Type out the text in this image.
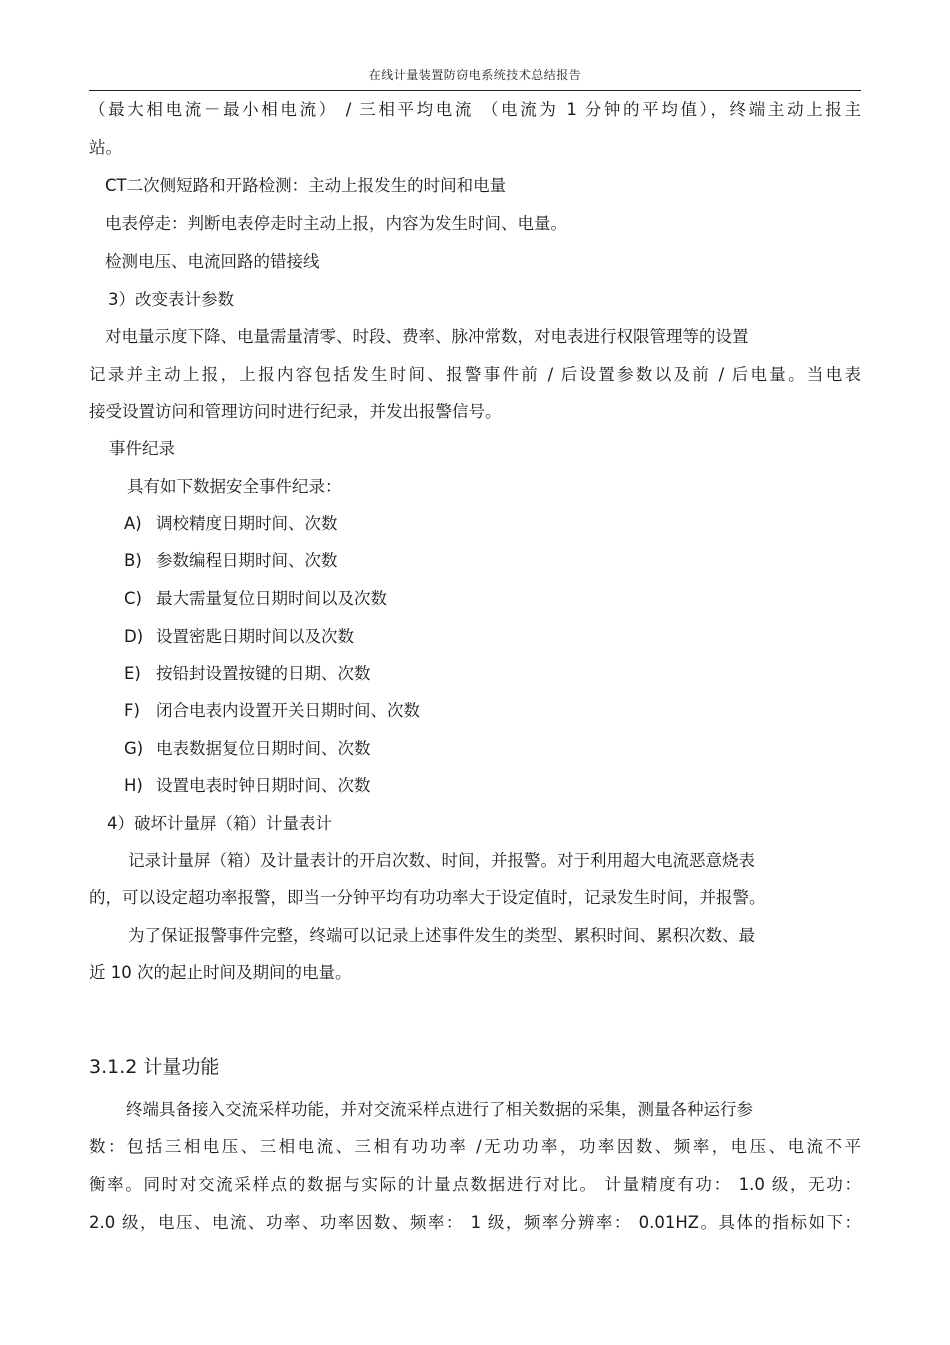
在线计量装置防窃电系统技术总结报告
（最大相电流－最小相电流） / 三相平均电流 （电流为 1 分钟的平均值），终端主动上报主
站。
CT二次侧短路和开路检测：主动上报发生的时间和电量
电表停走：判断电表停走时主动上报，内容为发生时间、电量。
检测电压、电流回路的错接线
3）改变表计参数
对电量示度下降、电量需量清零、时段、费率、脉冲常数，对电表进行权限管理等的设置
记录并主动上报，上报内容包括发生时间、报警事件前 / 后设置参数以及前 / 后电量。当电表
接受设置访问和管理访问时进行纪录，并发出报警信号。
事件纪录
具有如下数据安全事件纪录：
A) 调校精度日期时间、次数
B) 参数编程日期时间、次数
C) 最大需量复位日期时间以及次数
D) 设置密匙日期时间以及次数
E) 按铅封设置按键的日期、次数
F) 闭合电表内设置开关日期时间、次数
G) 电表数据复位日期时间、次数
H) 设置电表时钟日期时间、次数
4）破坏计量屏（箱）计量表计
记录计量屏（箱）及计量表计的开启次数、时间，并报警。对于利用超大电流恶意烧表
的，可以设定超功率报警，即当一分钟平均有功功率大于设定值时，记录发生时间，并报警。
为了保证报警事件完整，终端可以记录上述事件发生的类型、累积时间、累积次数、最
近 10 次的起止时间及期间的电量。
3.1.2 计量功能
终端具备接入交流采样功能，并对交流采样点进行了相关数据的采集，测量各种运行参
数：包括三相电压、三相电流、三相有功功率 /无功功率，功率因数、频率，电压、电流不平
衡率。同时对交流采样点的数据与实际的计量点数据进行对比。 计量精度有功： 1.0 级，无功：
2.0 级，电压、电流、功率、功率因数、频率： 1 级，频率分辨率： 0.01HZ。具体的指标如下：
